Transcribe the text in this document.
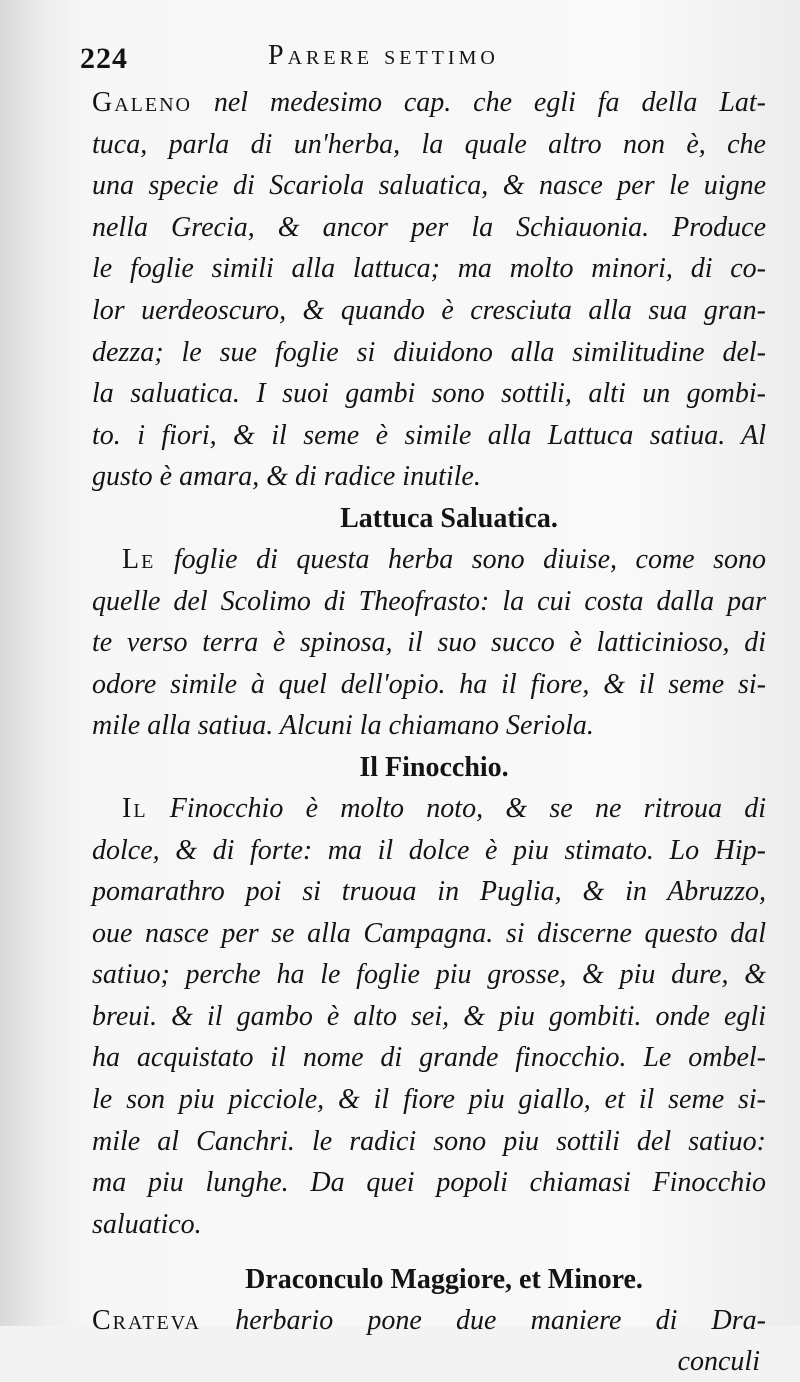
224	Parere settimo

Galeno nel medesimo cap. che egli fa della Lat-
tuca, parla di un'herba, la quale altro non è, che
una specie di Scariola saluatica, & nasce per le uigne
nella Grecia, & ancor per la Schiauonia. Produce
le foglie simili alla lattuca; ma molto minori, di co-
lor uerdeoscuro, & quando è cresciuta alla sua gran-
dezza; le sue foglie si diuidono alla similitudine del-
la saluatica. I suoi gambi sono sottili, alti un gombi-
to. i fiori, & il seme è simile alla Lattuca satiua. Al
gusto è amara, & di radice inutile.

Lattuca Saluatica.

Le foglie di questa herba sono diuise, come sono
quelle del Scolimo di Theofrasto: la cui costa dalla par
te verso terra è spinosa, il suo succo è latticinioso, di
odore simile à quel dell'opio. ha il fiore, & il seme si-
mile alla satiua. Alcuni la chiamano Seriola.

Il Finocchio.

Il Finocchio è molto noto, & se ne ritroua di
dolce, & di forte: ma il dolce è piu stimato. Lo Hip-
pomarathro poi si truoua in Puglia, & in Abruzzo,
oue nasce per se alla Campagna. si discerne questo dal
satiuo; perche ha le foglie piu grosse, & piu dure, &
breui. & il gambo è alto sei, & piu gombiti. onde egli
ha acquistato il nome di grande finocchio. Le ombel-
le son piu picciole, & il fiore piu giallo, et il seme si-
mile al Canchri. le radici sono piu sottili del satiuo:
ma piu lunghe. Da quei popoli chiamasi Finocchio
saluatico.

Draconculo Maggiore, et Minore.

Crateva herbario pone due maniere di Dra-

conculi
